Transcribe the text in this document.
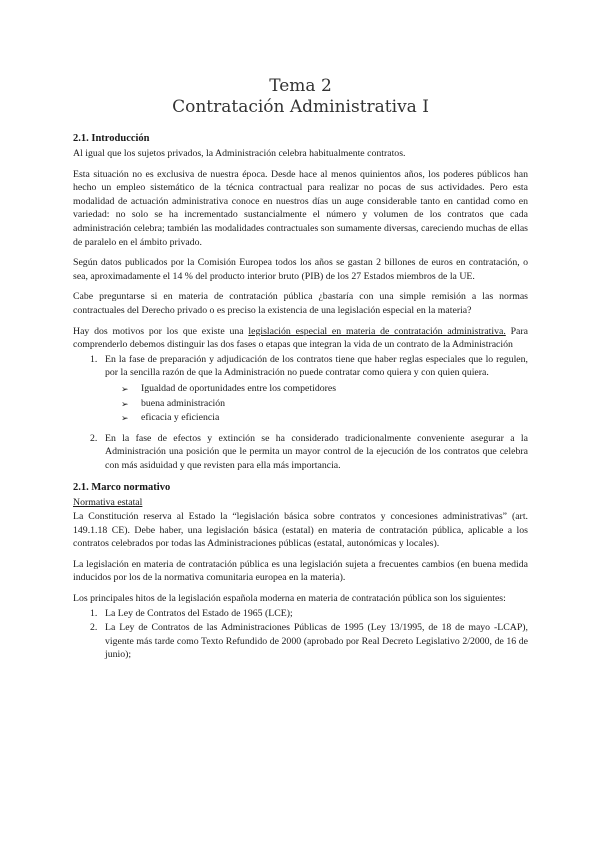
Tema 2
Contratación Administrativa I
2.1. Introducción

Al igual que los sujetos privados, la Administración celebra habitualmente contratos.

Esta situación no es exclusiva de nuestra época. Desde hace al menos quinientos años, los poderes públicos han hecho un empleo sistemático de la técnica contractual para realizar no pocas de sus actividades. Pero esta modalidad de actuación administrativa conoce en nuestros días un auge considerable tanto en cantidad como en variedad: no solo se ha incrementado sustancialmente el número y volumen de los contratos que cada administración celebra; también las modalidades contractuales son sumamente diversas, careciendo muchas de ellas de paralelo en el ámbito privado.

Según datos publicados por la Comisión Europea todos los años se gastan 2 billones de euros en contratación, o sea, aproximadamente el 14 % del producto interior bruto (PIB) de los 27 Estados miembros de la UE.

Cabe preguntarse si en materia de contratación pública ¿bastaría con una simple remisión a las normas contractuales del Derecho privado o es preciso la existencia de una legislación especial en la materia?

Hay dos motivos por los que existe una legislación especial en materia de contratación administrativa. Para comprenderlo debemos distinguir las dos fases o etapas que integran la vida de un contrato de la Administración

1. En la fase de preparación y adjudicación de los contratos tiene que haber reglas especiales que lo regulen, por la sencilla razón de que la Administración no puede contratar como quiera y con quien quiera.
➢ Igualdad de oportunidades entre los competidores
➢ buena administración
➢ eficacia y eficiencia
2. En la fase de efectos y extinción se ha considerado tradicionalmente conveniente asegurar a la Administración una posición que le permita un mayor control de la ejecución de los contratos que celebra con más asiduidad y que revisten para ella más importancia.
2.1. Marco normativo
Normativa estatal

La Constitución reserva al Estado la “legislación básica sobre contratos y concesiones administrativas” (art. 149.1.18 CE). Debe haber, una legislación básica (estatal) en materia de contratación pública, aplicable a los contratos celebrados por todas las Administraciones públicas (estatal, autonómicas y locales).

La legislación en materia de contratación pública es una legislación sujeta a frecuentes cambios (en buena medida inducidos por los de la normativa comunitaria europea en la materia).

Los principales hitos de la legislación española moderna en materia de contratación pública son los siguientes:

1. La Ley de Contratos del Estado de 1965 (LCE);
2. La Ley de Contratos de las Administraciones Públicas de 1995 (Ley 13/1995, de 18 de mayo -LCAP), vigente más tarde como Texto Refundido de 2000 (aprobado por Real Decreto Legislativo 2/2000, de 16 de junio);
